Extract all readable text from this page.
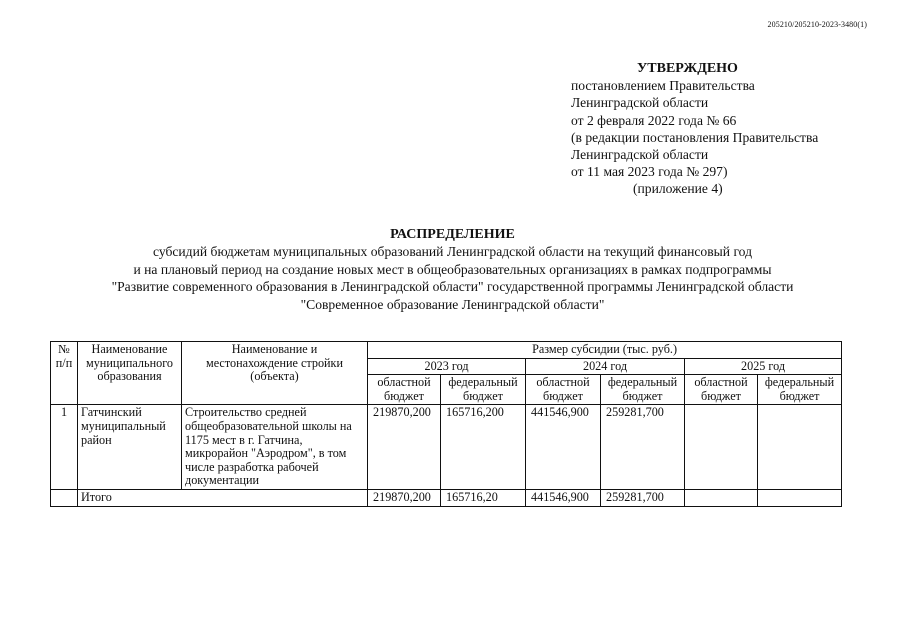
205210/205210-2023-3480(1)
УТВЕРЖДЕНО
постановлением Правительства
Ленинградской области
от 2 февраля 2022 года № 66
(в редакции постановления Правительства
Ленинградской области
от 11 мая 2023 года № 297)
(приложение 4)
РАСПРЕДЕЛЕНИЕ
субсидий бюджетам муниципальных образований Ленинградской области на текущий финансовый год
и на плановый период на создание новых мест в общеобразовательных организациях в рамках подпрограммы
"Развитие современного образования в Ленинградской области" государственной программы Ленинградской области
"Современное образование Ленинградской области"
№ п/п	Наименование муниципального образования	Наименование и местонахождение стройки (объекта)	Размер субсидии (тыс. руб.)					
			2023 год		2024 год		2025 год	
			областной бюджет	федеральный бюджет	областной бюджет	федеральный бюджет	областной бюджет	федеральный бюджет
1	Гатчинский муниципальный район	Строительство средней общеобразовательной школы на 1175 мест в г. Гатчина, микрорайон "Аэродром", в том числе разработка рабочей документации	219870,200	165716,200	441546,900	259281,700		
	Итого		219870,200	165716,20	441546,900	259281,700		
